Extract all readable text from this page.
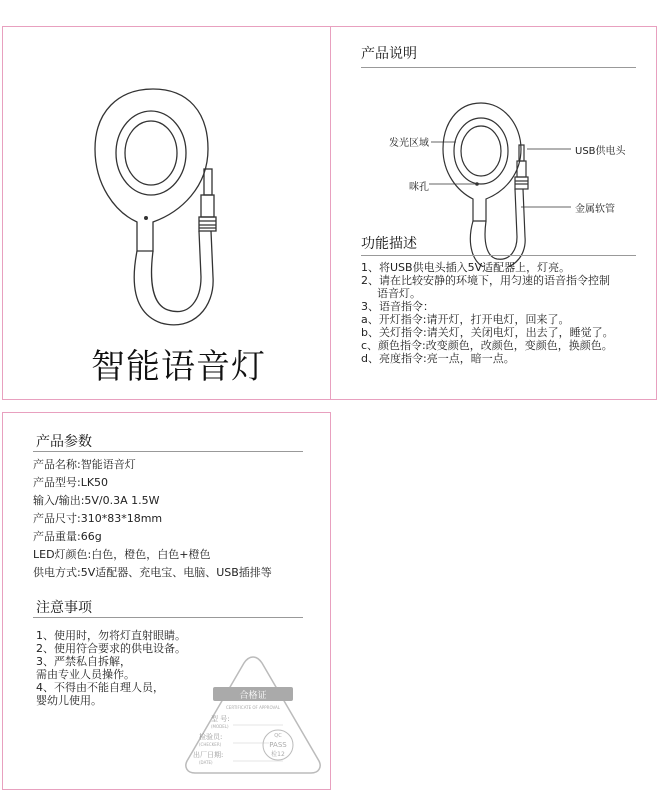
智能语音灯
产品说明
发光区域
咪孔
USB供电头
金属软管
功能描述
1、将USB供电头插入5V适配器上，灯亮。
2、请在比较安静的环境下，用匀速的语音指令控制
语音灯。
3、语音指令：
a、开灯指令:请开灯，打开电灯，回来了。
b、关灯指令:请关灯，关闭电灯，出去了，睡觉了。
c、颜色指令:改变颜色，改颜色，变颜色，换颜色。
d、亮度指令:亮一点，暗一点。
产品参数
注意事项
1、使用时，勿将灯直射眼睛。
2、使用符合要求的供电设备。
3、严禁私自拆解，
需由专业人员操作。
4、不得由不能自理人员，
婴幼儿使用。	合格证
CERTIFICATE OF APPROVAL
型 号:
(MODEL)
检验员:
(CHECKER)
出厂日期:
(DATE)
QC
PASS
检12
产品名称:智能语音灯
产品型号:LK50
输入/输出:5V/0.3A 1.5W
产品尺寸:310*83*18mm
产品重量:66g
LED灯颜色:白色，橙色，白色+橙色
供电方式:5V适配器、充电宝、电脑、USB插排等
